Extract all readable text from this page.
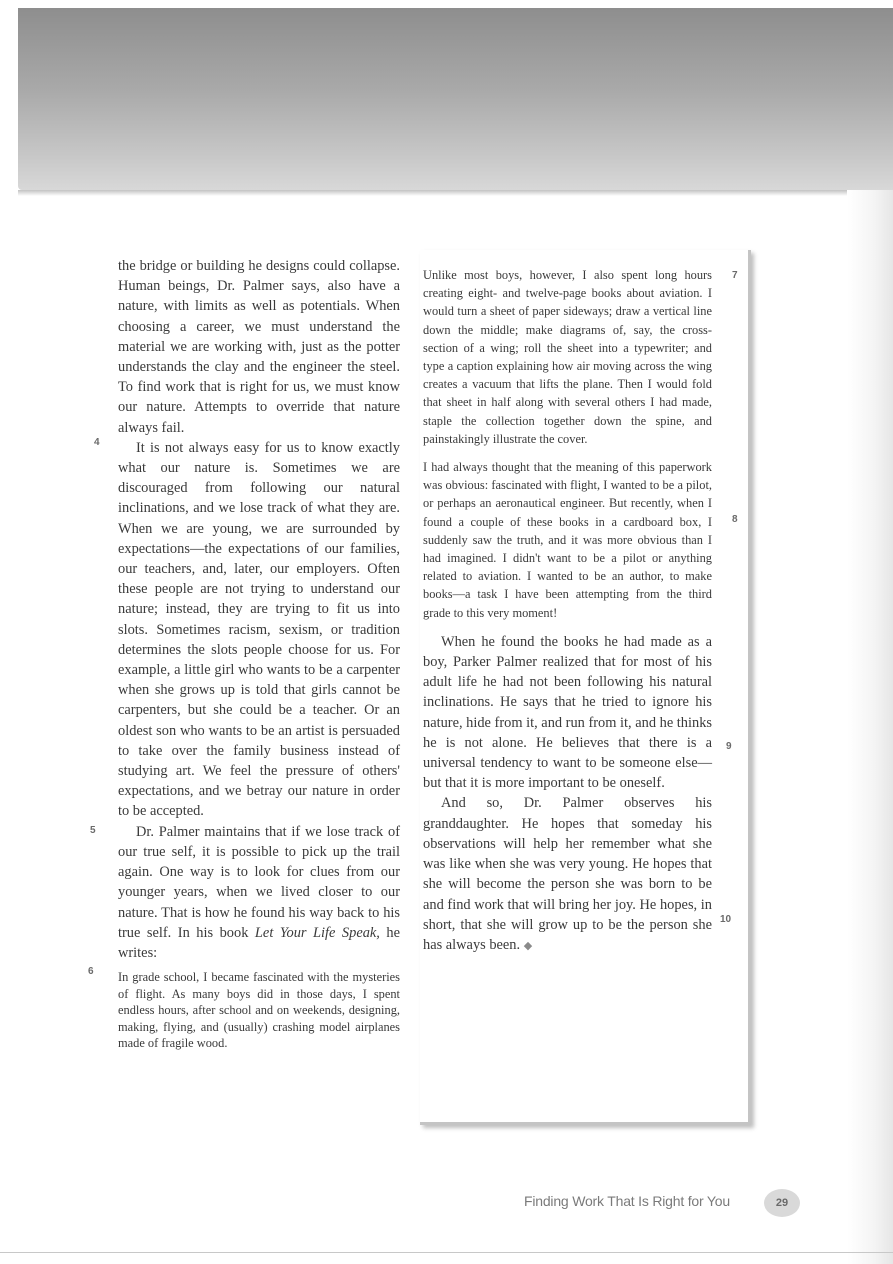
the bridge or building he designs could collapse. Human beings, Dr. Palmer says, also have a nature, with limits as well as potentials. When choosing a career, we must understand the material we are working with, just as the potter understands the clay and the engineer the steel. To find work that is right for us, we must know our nature. Attempts to override that nature always fail.

It is not always easy for us to know exactly what our nature is. Sometimes we are discouraged from following our natural inclinations, and we lose track of what they are. When we are young, we are surrounded by expectations—the expectations of our families, our teachers, and, later, our employers. Often these people are not trying to understand our nature; instead, they are trying to fit us into slots. Sometimes racism, sexism, or tradition determines the slots people choose for us. For example, a little girl who wants to be a carpenter when she grows up is told that girls cannot be carpenters, but she could be a teacher. Or an oldest son who wants to be an artist is persuaded to take over the family business instead of studying art. We feel the pressure of others' expectations, and we betray our nature in order to be accepted.

Dr. Palmer maintains that if we lose track of our true self, it is possible to pick up the trail again. One way is to look for clues from our younger years, when we lived closer to our nature. That is how he found his way back to his true self. In his book Let Your Life Speak, he writes:

In grade school, I became fascinated with the mysteries of flight. As many boys did in those days, I spent endless hours, after school and on weekends, designing, making, flying, and (usually) crashing model airplanes made of fragile wood.

4
5
6

Unlike most boys, however, I also spent long hours creating eight- and twelve-page books about aviation. I would turn a sheet of paper sideways; draw a vertical line down the middle; make diagrams of, say, the cross-section of a wing; roll the sheet into a typewriter; and type a caption explaining how air moving across the wing creates a vacuum that lifts the plane. Then I would fold that sheet in half along with several others I had made, staple the collection together down the spine, and painstakingly illustrate the cover.

I had always thought that the meaning of this paperwork was obvious: fascinated with flight, I wanted to be a pilot, or perhaps an aeronautical engineer. But recently, when I found a couple of these books in a cardboard box, I suddenly saw the truth, and it was more obvious than I had imagined. I didn't want to be a pilot or anything related to aviation. I wanted to be an author, to make books—a task I have been attempting from the third grade to this very moment!

When he found the books he had made as a boy, Parker Palmer realized that for most of his adult life he had not been following his natural inclinations. He says that he tried to ignore his nature, hide from it, and run from it, and he thinks he is not alone. He believes that there is a universal tendency to want to be someone else—but that it is more important to be oneself.

And so, Dr. Palmer observes his granddaughter. He hopes that someday his observations will help her remember what she was like when she was very young. He hopes that she will become the person she was born to be and find work that will bring her joy. He hopes, in short, that she will grow up to be the person she has always been. ◆

7
8
9
10
Finding Work That Is Right for You	29
